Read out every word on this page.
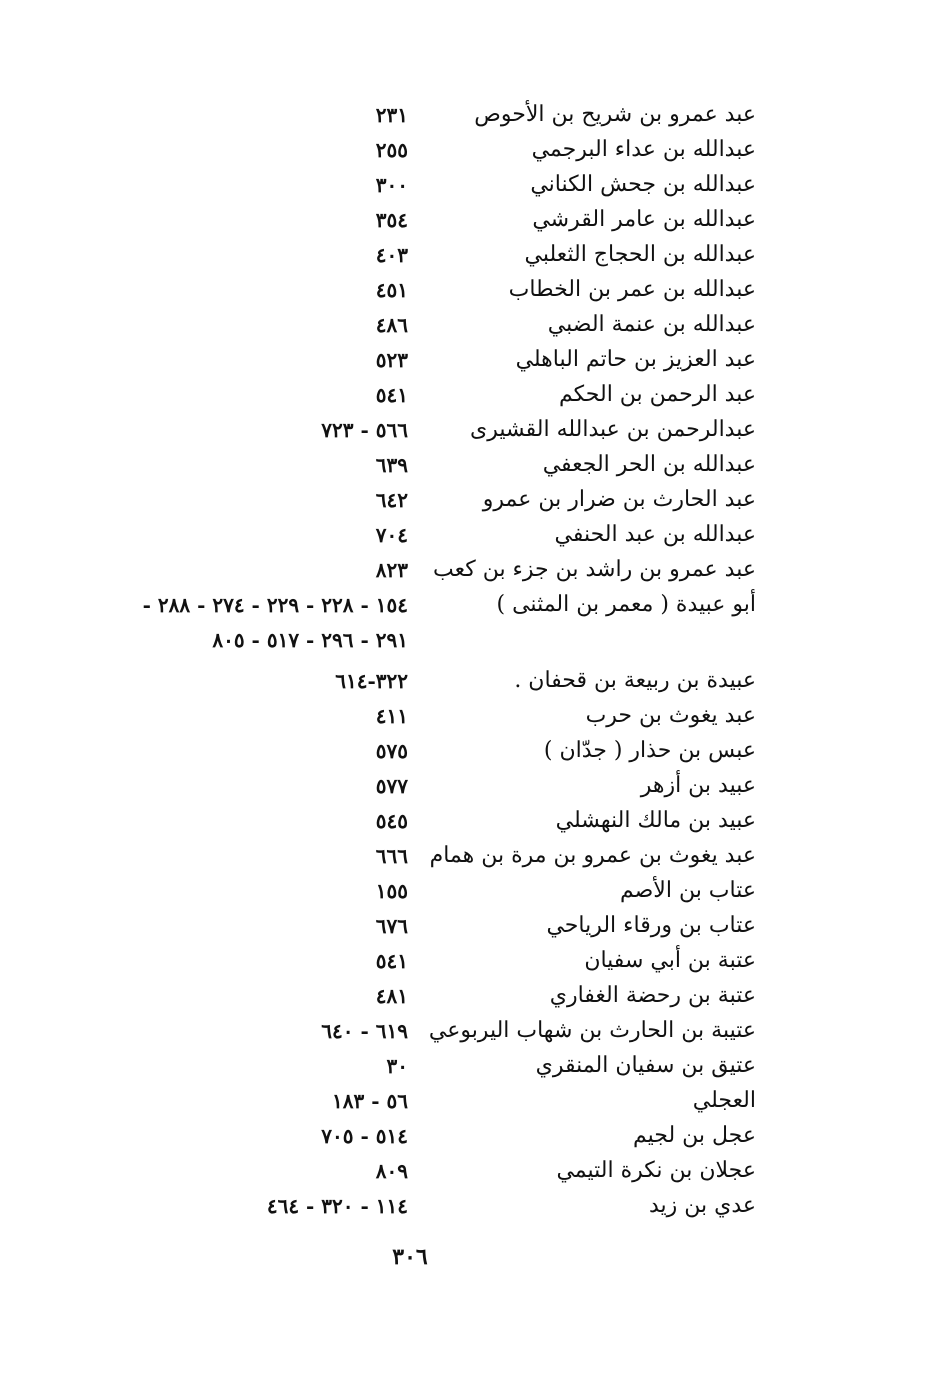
عبد عمرو بن شريح بن الأحوص
٢٣١
عبدالله بن عداء البرجمي
٢٥٥
عبدالله بن جحش الكناني
٣٠٠
عبدالله بن عامر القرشي
٣٥٤
عبدالله بن الحجاج الثعلبي
٤٠٣
عبدالله بن عمر بن الخطاب
٤٥١
عبدالله بن عنمة الضبي
٤٨٦
عبد العزيز بن حاتم الباهلي
٥٢٣
عبد الرحمن بن الحكم
٥٤١
عبدالرحمن بن عبدالله القشيرى
٥٦٦ - ٧٢٣
عبدالله بن الحر الجعفي
٦٣٩
عبد الحارث بن ضرار بن عمرو
٦٤٢
عبدالله بن عبد الحنفي
٧٠٤
عبد عمرو بن راشد بن جزء بن كعب
٨٢٣
أبو عبيدة ( معمر بن المثنى )
١٥٤ - ٢٢٨ - ٢٢٩ - ٢٧٤ - ٢٨٨ -
٢٩١ - ٢٩٦ - ٥١٧ - ٨٠٥
عبيدة بن ربيعة بن قحفان .
٣٢٢-٦١٤
عبد يغوث بن حرب
٤١١
عبس بن حذار ( جدّان )
٥٧٥
عبيد بن أزهر
٥٧٧
عبيد بن مالك النهشلي
٥٤٥
عبد يغوث بن عمرو بن مرة بن همام
٦٦٦
عتاب بن الأصم
١٥٥
عتاب بن ورقاء الرياحي
٦٧٦
عتبة بن أبي سفيان
٥٤١
عتبة بن رحضة الغفاري
٤٨١
عتيبة بن الحارث بن شهاب اليربوعي
٦١٩ - ٦٤٠
عتيق بن سفيان المنقري
٣٠
العجلي
٥٦ - ١٨٣
عجل بن لجيم
٥١٤ - ٧٠٥
عجلان بن نكرة التيمي
٨٠٩
عدي بن زيد
١١٤ - ٣٢٠ - ٤٦٤
٣٠٦
